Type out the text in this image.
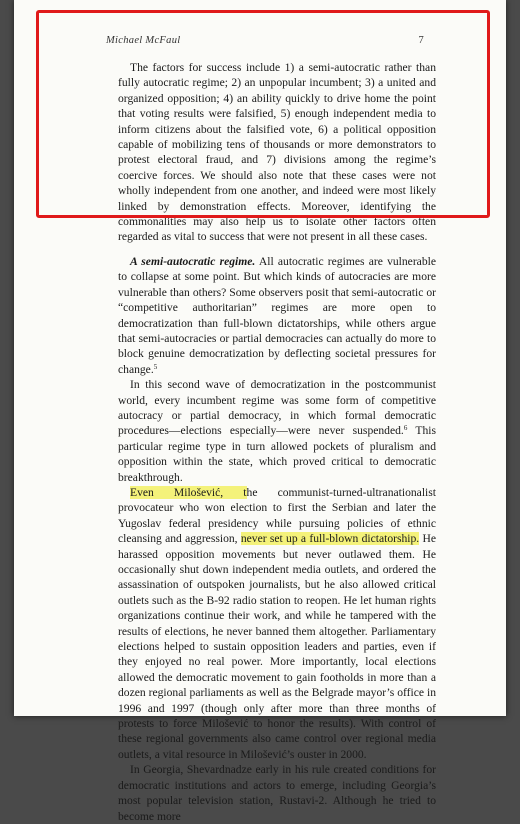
Michael McFaul	7

The factors for success include 1) a semi-autocratic rather than fully autocratic regime; 2) an unpopular incumbent; 3) a united and organized opposition; 4) an ability quickly to drive home the point that voting results were falsified, 5) enough independent media to inform citizens about the falsified vote, 6) a political opposition capable of mobilizing tens of thousands or more demonstrators to protest electoral fraud, and 7) divisions among the regime’s coercive forces. We should also note that these cases were not wholly independent from one another, and indeed were most likely linked by demonstration effects. Moreover, identifying the commonalities may also help us to isolate other factors often regarded as vital to success that were not present in all these cases.

A semi-autocratic regime. All autocratic regimes are vulnerable to collapse at some point. But which kinds of autocracies are more vulnerable than others? Some observers posit that semi-autocratic or “competitive authoritarian” regimes are more open to democratization than full-blown dictatorships, while others argue that semi-autocracies or partial democracies can actually do more to block genuine democratization by deflecting societal pressures for change.$^5$

In this second wave of democratization in the postcommunist world, every incumbent regime was some form of competitive autocracy or partial democracy, in which formal democratic procedures—elections especially—were never suspended.$^6$ This particular regime type in turn allowed pockets of pluralism and opposition within the state, which proved critical to democratic breakthrough.

Even Milošević, the communist-turned-ultranationalist provocateur who won election to first the Serbian and later the Yugoslav federal presidency while pursuing policies of ethnic cleansing and aggression, never set up a full-blown dictatorship. He harassed opposition movements but never outlawed them. He occasionally shut down independent media outlets, and ordered the assassination of outspoken journalists, but he also allowed critical outlets such as the B-92 radio station to reopen. He let human rights organizations continue their work, and while he tampered with the results of elections, he never banned them altogether. Parliamentary elections helped to sustain opposition leaders and parties, even if they enjoyed no real power. More importantly, local elections allowed the democratic movement to gain footholds in more than a dozen regional parliaments as well as the Belgrade mayor’s office in 1996 and 1997 (though only after more than three months of protests to force Milošević to honor the results). With control of these regional governments also came control over regional media outlets, a vital resource in Milošević’s ouster in 2000.

In Georgia, Shevardnadze early in his rule created conditions for democratic institutions and actors to emerge, including Georgia’s most popular television station, Rustavi-2. Although he tried to become more
